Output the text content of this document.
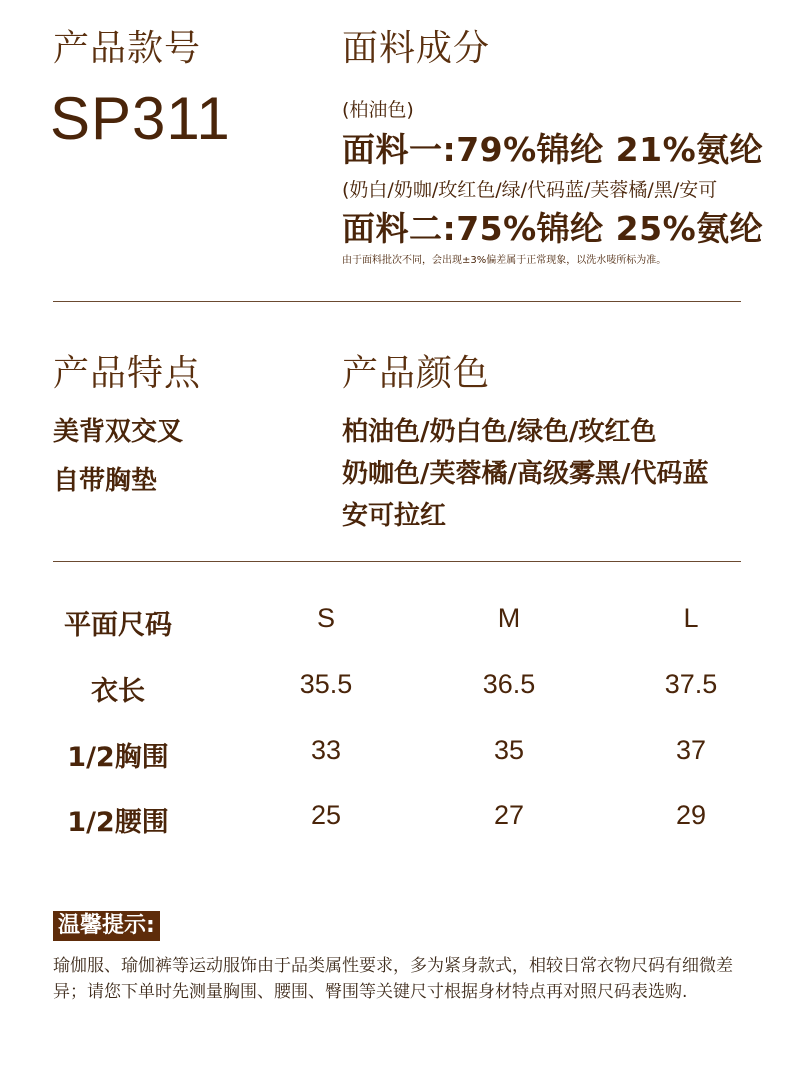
产品款号
SP311
面料成分
(柏油色)
面料一:79%锦纶 21%氨纶
(奶白/奶咖/玫红色/绿/代码蓝/芙蓉橘/黑/安可
面料二:75%锦纶 25%氨纶
由于面料批次不同，会出现±3%偏差属于正常现象，以洗水唛所标为准。
产品特点
美背双交叉
自带胸垫
产品颜色
柏油色/奶白色/绿色/玫红色
奶咖色/芙蓉橘/高级雾黑/代码蓝
安可拉红
平面尺码	S	M	L
衣长	35.5	36.5	37.5
1/2胸围	33	35	37
1/2腰围	25	27	29
温馨提示:
瑜伽服、瑜伽裤等运动服饰由于品类属性要求，多为紧身款式，相较日常衣物尺码有细微差异；请您下单时先测量胸围、腰围、臀围等关键尺寸根据身材特点再对照尺码表选购.
